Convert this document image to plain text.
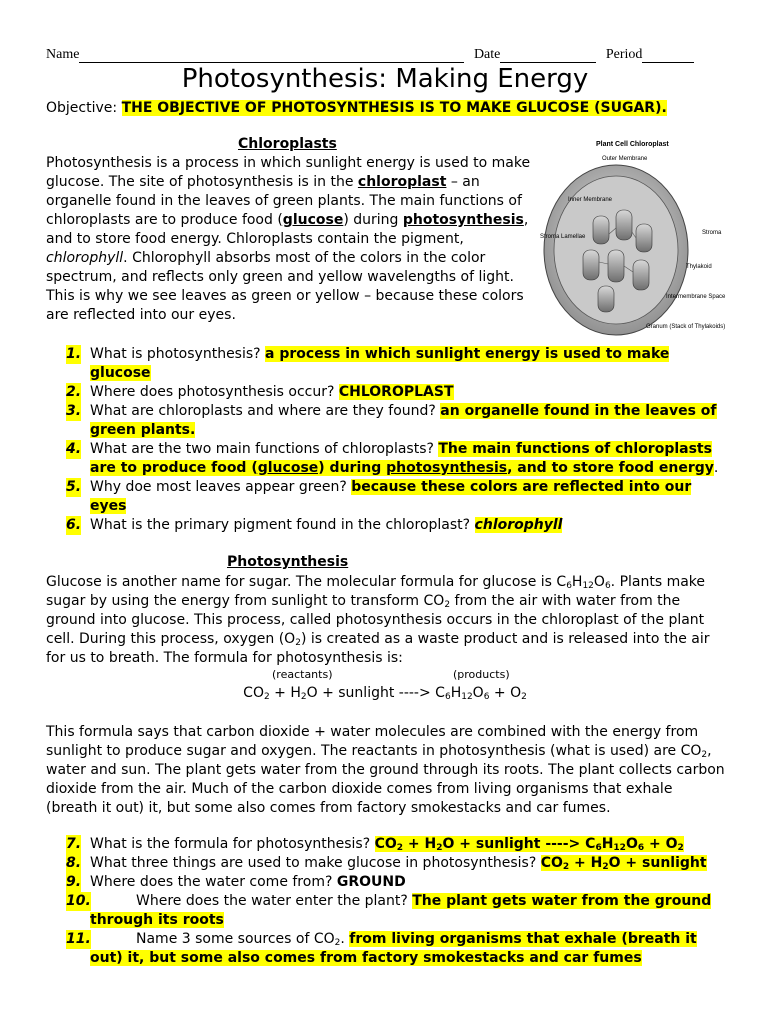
Name	Date	Period
Photosynthesis: Making Energy
Objective: THE OBJECTIVE OF PHOTOSYNTHESIS IS TO MAKE GLUCOSE (SUGAR).
Chloroplasts

Photosynthesis is a process in which sunlight energy is used to make glucose. The site of photosynthesis is in the chloroplast – an organelle found in the leaves of green plants. The main functions of chloroplasts are to produce food (glucose) during photosynthesis, and to store food energy. Chloroplasts contain the pigment, chlorophyll. Chlorophyll absorbs most of the colors in the color spectrum, and reflects only green and yellow wavelengths of light. This is why we see leaves as green or yellow – because these colors are reflected into our eyes.

Plant Cell Chloroplast
Outer Membrane
Inner Membrane
Stroma Lamellae
Stroma
Thylakoid
Intermembrane Space
Granum (Stack of Thylakoids)
1. What is photosynthesis? a process in which sunlight energy is used to make glucose
2. Where does photosynthesis occur? CHLOROPLAST
3. What are chloroplasts and where are they found? an organelle found in the leaves of green plants.
4. What are the two main functions of chloroplasts? The main functions of chloroplasts are to produce food (glucose) during photosynthesis, and to store food energy.
5. Why doe most leaves appear green? because these colors are reflected into our eyes
6. What is the primary pigment found in the chloroplast? chlorophyll
Photosynthesis

Glucose is another name for sugar. The molecular formula for glucose is $C_6H_{12}O_6$. Plants make sugar by using the energy from sunlight to transform $CO_2$ from the air with water from the ground into glucose. This process, called photosynthesis occurs in the chloroplast of the plant cell. During this process, oxygen $(O_2)$ is created as a waste product and is released into the air for us to breath. The formula for photosynthesis is:

(reactants)	(products)
$CO_2 + H_2O$ + sunlight ----> $C_6H_{12}O_6 + O_2$

This formula says that carbon dioxide + water molecules are combined with the energy from sunlight to produce sugar and oxygen. The reactants in photosynthesis (what is used) are $CO_2$, water and sun. The plant gets water from the ground through its roots. The plant collects carbon dioxide from the air. Much of the carbon dioxide comes from living organisms that exhale (breath it out) it, but some also comes from factory smokestacks and car fumes.

7. What is the formula for photosynthesis? $CO_2 + H_2O$ + sunlight ----> $C_6H_{12}O_6 + O_2$
8. What three things are used to make glucose in photosynthesis? $CO_2 + H_2O$ + sunlight
9. Where does the water come from? GROUND
10.	Where does the water enter the plant? The plant gets water from the ground through its roots
11.	Name 3 some sources of $CO_2$. from living organisms that exhale (breath it out) it, but some also comes from factory smokestacks and car fumes
